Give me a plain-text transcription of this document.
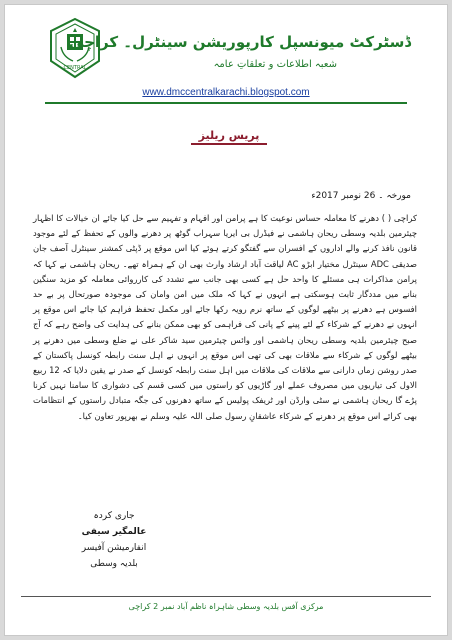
CENTRAL
ڈسٹرکٹ میونسپل کارپوریشن سینٹرل۔ کراچی
شعبہ اطلاعات و تعلقاتِ عامہ
www.dmccentralkarachi.blogspot.com
پریس ریلیز
مورخہ ۔ 26 نومبر 2017ء

کراچی ( ) دھرنے کا معاملہ حساس نوعیت کا ہے پرامن اور افہام و تفہیم سے حل کیا جائے ان خیالات کا اظہار چیئرمین بلدیہ وسطی ریحان ہاشمی نے فیڈرل بی ایریا سہراب گوٹھ پر دھرنے والوں کے تحفظ کے لئے موجود قانون نافذ کرنے والے اداروں کے افسران سے گفتگو کرتے ہوئے کیا اس موقع پر ڈپٹی کمشنر سینٹرل آصف جان صدیقی ADC سینٹرل مختیار ابڑو AC لیاقت آباد ارشاد وارث بھی ان کے ہمراہ تھے۔ ریحان ہاشمی نے کہا کہ پرامن مذاکرات ہی مسئلے کا واحد حل ہے کسی بھی جانب سے تشدد کی کارروائی معاملہ کو مزید سنگین بنانے میں مددگار ثابت ہوسکتی ہے انہوں نے کہا کہ ملک میں امن وامان کی موجودہ صورتحال پر بے حد افسوس ہے دھرنے پر بیٹھے لوگوں کے ساتھ نرم رویہ رکھا جائے اور مکمل تحفظ فراہم کیا جائے اس موقع پر انہوں نے دھرنے کے شرکاء کے لئے پینے کے پانی کی فراہمی کو بھی ممکن بنانے کی ہدایت کی واضح رہے کہ آج صبح چیئرمین بلدیہ وسطی ریحان ہاشمی اور وائس چیئرمین سید شاکر علی نے ضلع وسطی میں دھرنے پر بیٹھے لوگوں کے شرکاء سے ملاقات بھی کی تھی اس موقع پر انہوں نے اہل سنت رابطہ کونسل پاکستان کے صدر روشن زماں دارانی سے ملاقات کی ملاقات میں اہل سنت رابطہ کونسل کے صدر نے یقین دلایا کہ 12 ربیع الاول کی تیاریوں میں مصروف عملے اور گاڑیوں کو راستوں میں کسی قسم کی دشواری کا سامنا نہیں کرنا پڑے گا ریحان ہاشمی نے سٹی وارڈن اور ٹریفک پولیس کے ساتھ دھرنوں کی جگہ متبادل راستوں کے انتظامات بھی کرائے اس موقع پر دھرنے کے شرکاء عاشقانِ رسول صلی اللہ علیہ وسلم نے بھرپور تعاون کیا۔

جاری کردہ
عالمگیر سیفی
انفارمیشن آفیسر
بلدیہ وسطی
مرکزی آفس بلدیہ وسطی شاہراہ ناظم آباد نمبر 2 کراچی
